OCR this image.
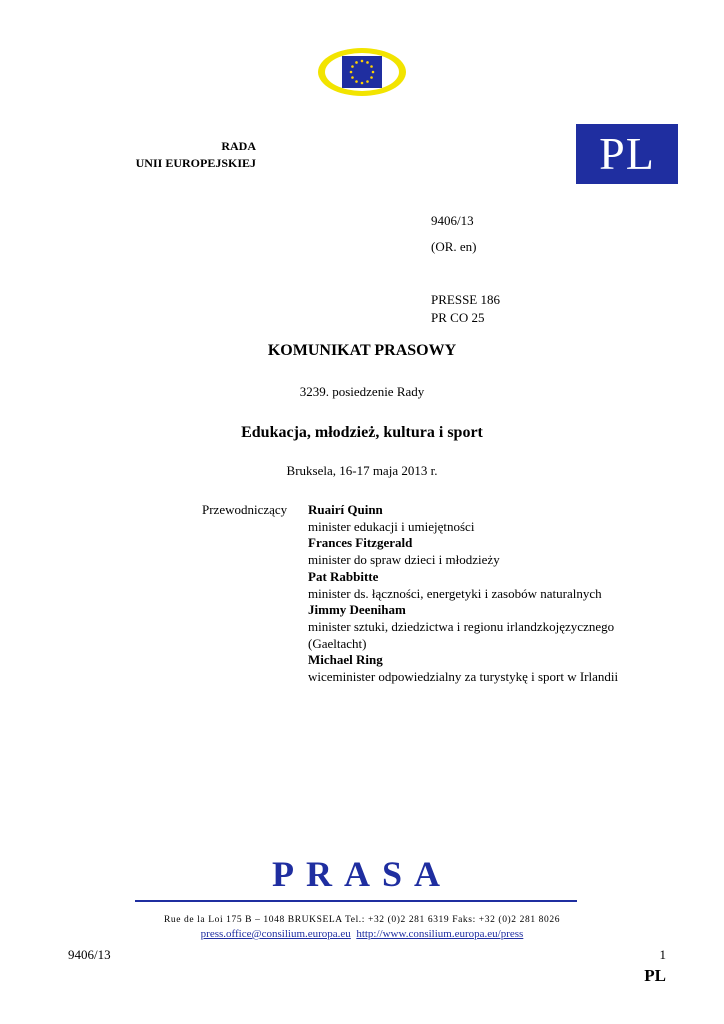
RADA
UNII EUROPEJSKIEJ	PL
9406/13
(OR. en)
PRESSE 186
PR CO 25
KOMUNIKAT PRASOWY
3239. posiedzenie Rady
Edukacja, młodzież, kultura i sport
Bruksela, 16-17 maja 2013 r.
Przewodniczący Ruairí Quinn
minister edukacji i umiejętności
Frances Fitzgerald
minister do spraw dzieci i młodzieży
Pat Rabbitte
minister ds. łączności, energetyki i zasobów naturalnych
Jimmy Deeniham
minister sztuki, dziedzictwa i regionu irlandzkojęzycznego (Gaeltacht)
Michael Ring
wiceminister odpowiedzialny za turystykę i sport w Irlandii
PRASA
Rue de la Loi 175 B – 1048 BRUKSELA Tel.: +32 (0)2 281 6319 Faks: +32 (0)2 281 8026
press.office@consilium.europa.eu http://www.consilium.europa.eu/press
9406/13	1
PL
